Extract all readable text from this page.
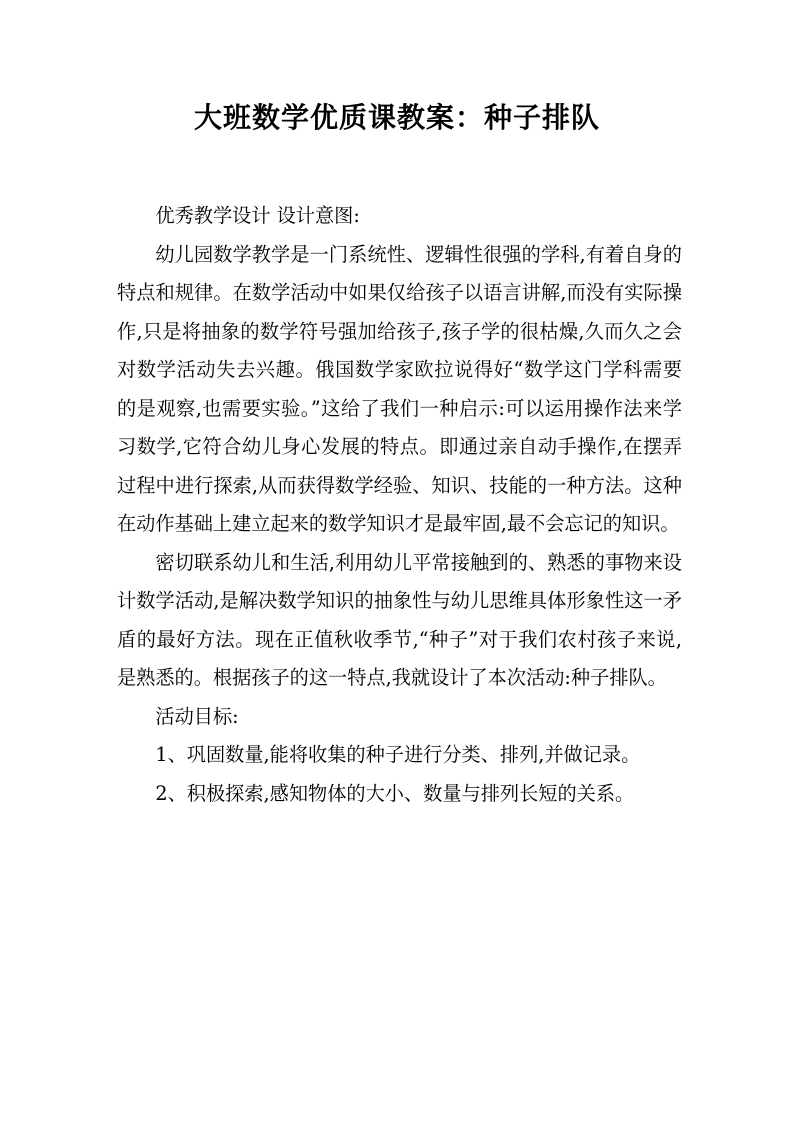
大班数学优质课教案：种子排队

优秀教学设计 设计意图:

幼儿园数学教学是一门系统性、逻辑性很强的学科,有着自身的特点和规律。在数学活动中如果仅给孩子以语言讲解,而没有实际操作,只是将抽象的数学符号强加给孩子,孩子学的很枯燥,久而久之会对数学活动失去兴趣。俄国数学家欧拉说得好“数学这门学科需要的是观察,也需要实验。”这给了我们一种启示:可以运用操作法来学习数学,它符合幼儿身心发展的特点。即通过亲自动手操作,在摆弄过程中进行探索,从而获得数学经验、知识、技能的一种方法。这种在动作基础上建立起来的数学知识才是最牢固,最不会忘记的知识。

密切联系幼儿和生活,利用幼儿平常接触到的、熟悉的事物来设计数学活动,是解决数学知识的抽象性与幼儿思维具体形象性这一矛盾的最好方法。现在正值秋收季节,“种子”对于我们农村孩子来说,是熟悉的。根据孩子的这一特点,我就设计了本次活动:种子排队。

活动目标:

1、巩固数量,能将收集的种子进行分类、排列,并做记录。

2、积极探索,感知物体的大小、数量与排列长短的关系。
